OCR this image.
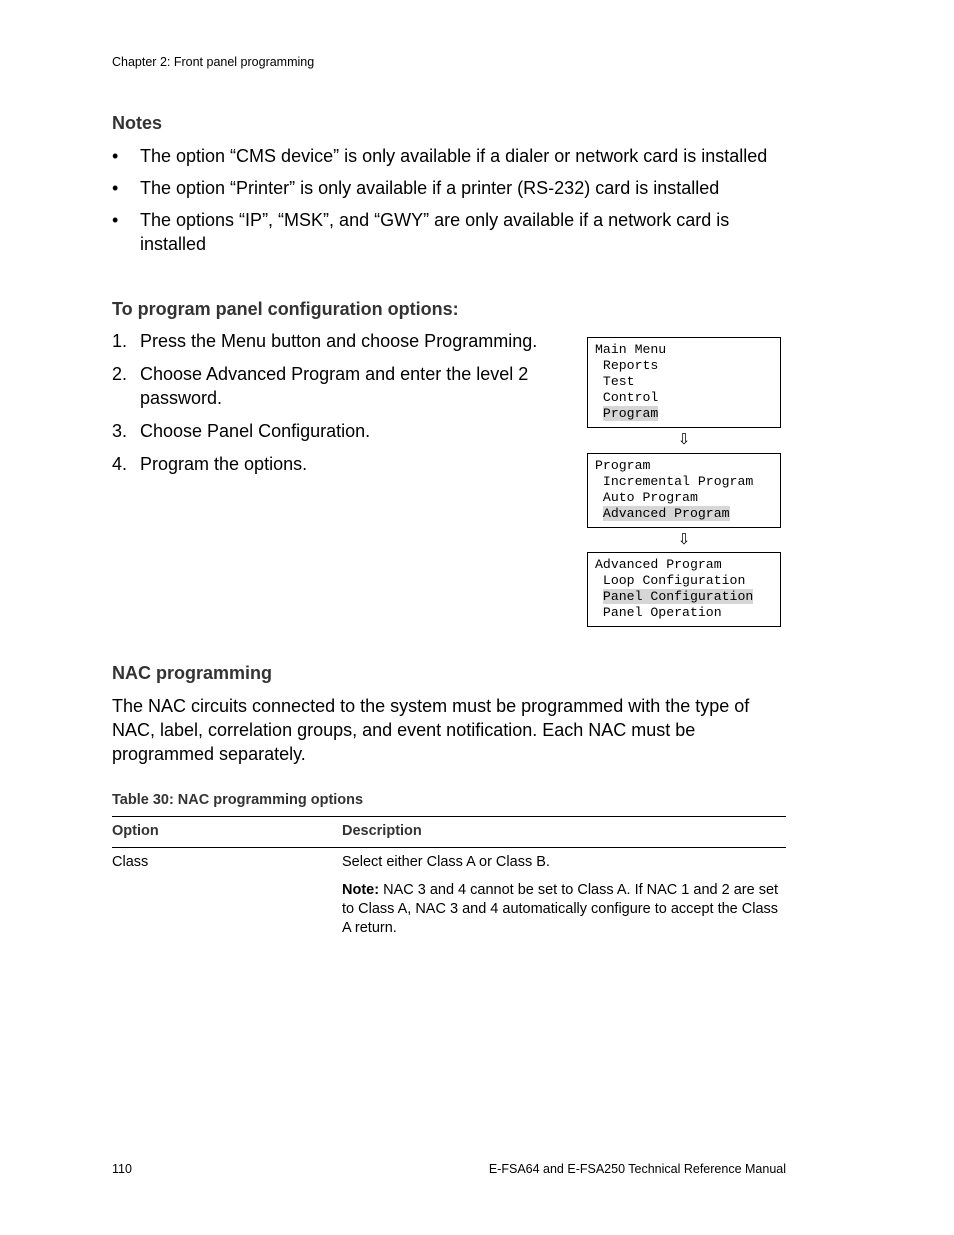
Chapter 2: Front panel programming
Notes
• The option “CMS device” is only available if a dialer or network card is installed
• The option “Printer” is only available if a printer (RS-232) card is installed
• The options “IP”, “MSK”, and “GWY” are only available if a network card is installed
To program panel configuration options:
1. Press the Menu button and choose Programming.
2. Choose Advanced Program and enter the level 2 password.
3. Choose Panel Configuration.
4. Program the options.
Main Menu
Reports
Test
Control
Program
⇩
Program
Incremental Program
Auto Program
Advanced Program
⇩
Advanced Program
Loop Configuration
Panel Configuration
Panel Operation
NAC programming
The NAC circuits connected to the system must be programmed with the type of NAC, label, correlation groups, and event notification. Each NAC must be programmed separately.
Table 30: NAC programming options
Option	Description
Class	Select either Class A or Class B.
Note: NAC 3 and 4 cannot be set to Class A. If NAC 1 and 2 are set to Class A, NAC 3 and 4 automatically configure to accept the Class A return.
110	E-FSA64 and E-FSA250 Technical Reference Manual
